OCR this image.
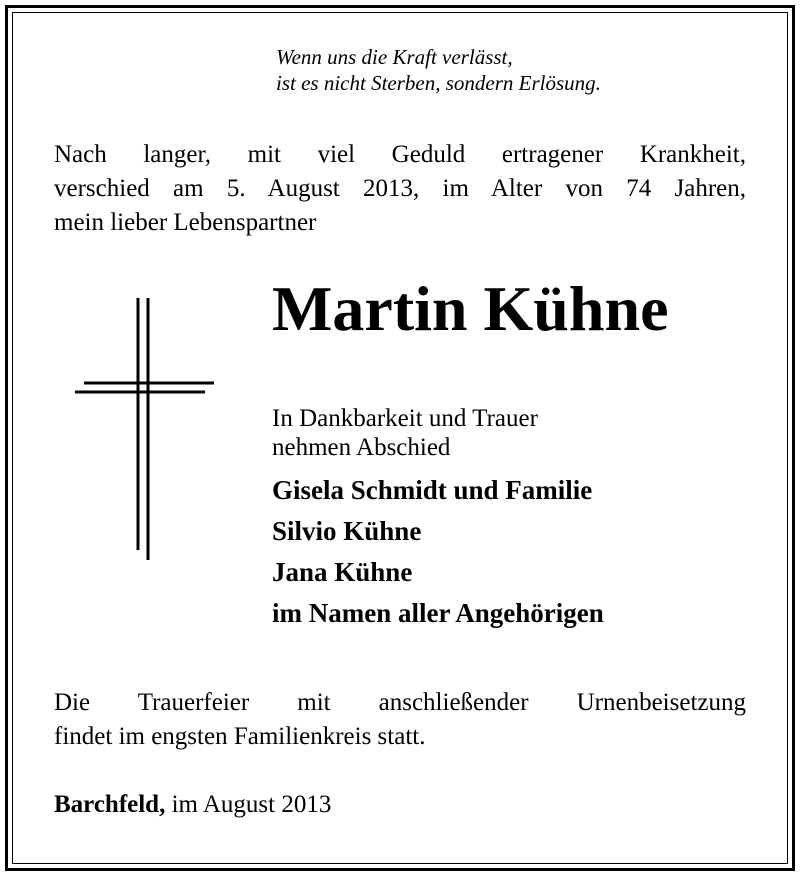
Wenn uns die Kraft verlässt,
ist es nicht Sterben, sondern Erlösung.
Nach langer, mit viel Geduld ertragener Krankheit,
verschied am 5. August 2013, im Alter von 74 Jahren,
mein lieber Lebenspartner
Martin Kühne
In Dankbarkeit und Trauer
nehmen Abschied
Gisela Schmidt und Familie
Silvio Kühne
Jana Kühne
im Namen aller Angehörigen
Die Trauerfeier mit anschließender Urnenbeisetzung
findet im engsten Familienkreis statt.
Barchfeld, im August 2013
